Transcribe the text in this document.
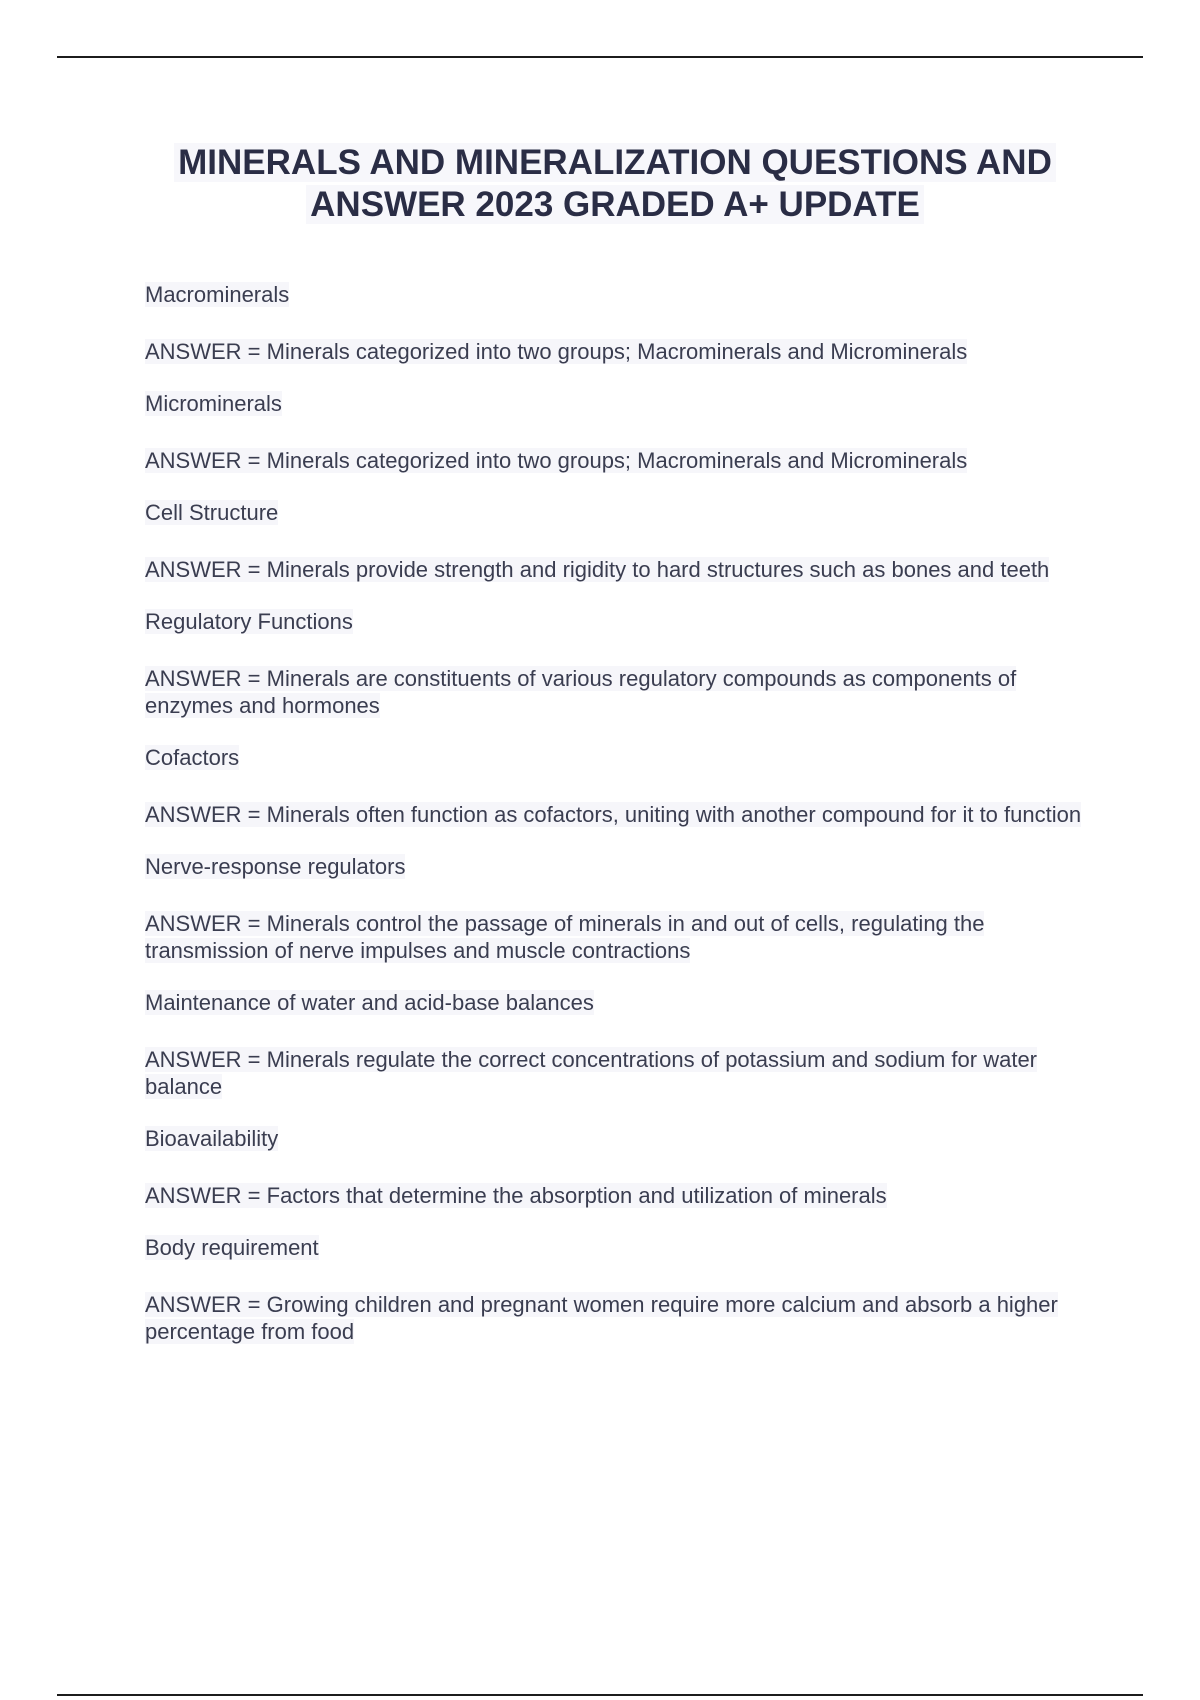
MINERALS AND MINERALIZATION QUESTIONS AND
ANSWER 2023 GRADED A+ UPDATE

Macrominerals

ANSWER = Minerals categorized into two groups; Macrominerals and Microminerals

Microminerals

ANSWER = Minerals categorized into two groups; Macrominerals and Microminerals

Cell Structure

ANSWER = Minerals provide strength and rigidity to hard structures such as bones and teeth

Regulatory Functions

ANSWER = Minerals are constituents of various regulatory compounds as components of enzymes and hormones

Cofactors

ANSWER = Minerals often function as cofactors, uniting with another compound for it to function

Nerve-response regulators

ANSWER = Minerals control the passage of minerals in and out of cells, regulating the transmission of nerve impulses and muscle contractions

Maintenance of water and acid-base balances

ANSWER = Minerals regulate the correct concentrations of potassium and sodium for water balance

Bioavailability

ANSWER = Factors that determine the absorption and utilization of minerals

Body requirement

ANSWER = Growing children and pregnant women require more calcium and absorb a higher percentage from food
